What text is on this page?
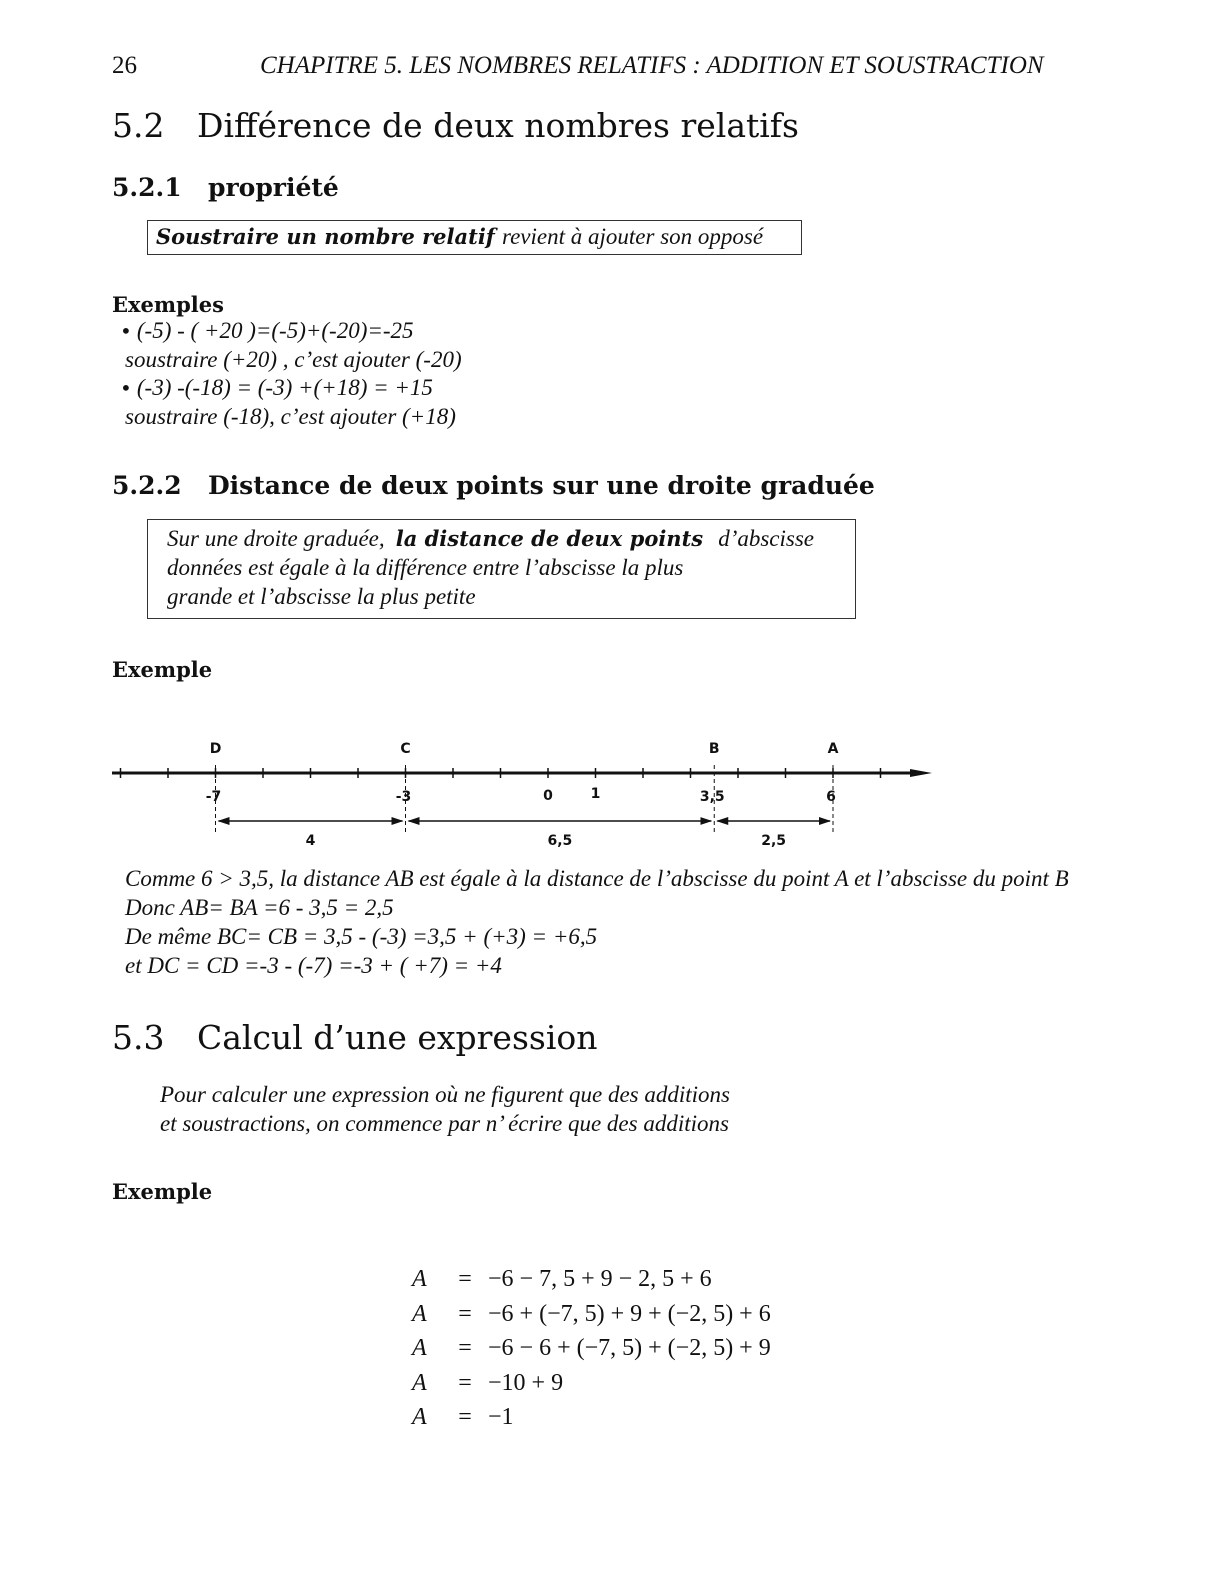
26	CHAPITRE 5. LES NOMBRES RELATIFS : ADDITION ET SOUSTRACTION
5.2 Différence de deux nombres relatifs
5.2.1 propriété
Soustraire un nombre relatif revient à ajouter son opposé
Exemples
• (-5) - ( +20 )=(-5)+(-20)=-25
soustraire (+20) , c’est ajouter (-20)
• (-3) -(-18) = (-3) +(+18) = +15
soustraire (-18), c’est ajouter (+18)
5.2.2 Distance de deux points sur une droite graduée
Sur une droite graduée, la distance de deux points d’abscisse
données est égale à la différence entre l’abscisse la plus
grande et l’abscisse la plus petite
Exemple
D
-7
C
-3
B
3,5
A
6
4	6,5	2,5
0	1
Comme 6 > 3,5, la distance AB est égale à la distance de l’abscisse du point A et l’abscisse du point B
Donc AB= BA =6 - 3,5 = 2,5
De même BC= CB = 3,5 - (-3) =3,5 + (+3) = +6,5
et DC = CD =-3 - (-7) =-3 + ( +7) = +4
5.3 Calcul d’une expression
Pour calculer une expression où ne figurent que des additions
et soustractions, on commence par n’ écrire que des additions
Exemple
A = −6 − 7, 5 + 9 − 2, 5 + 6
A = −6 + (−7, 5) + 9 + (−2, 5) + 6
A = −6 − 6 + (−7, 5) + (−2, 5) + 9
A = −10 + 9
A = −1
